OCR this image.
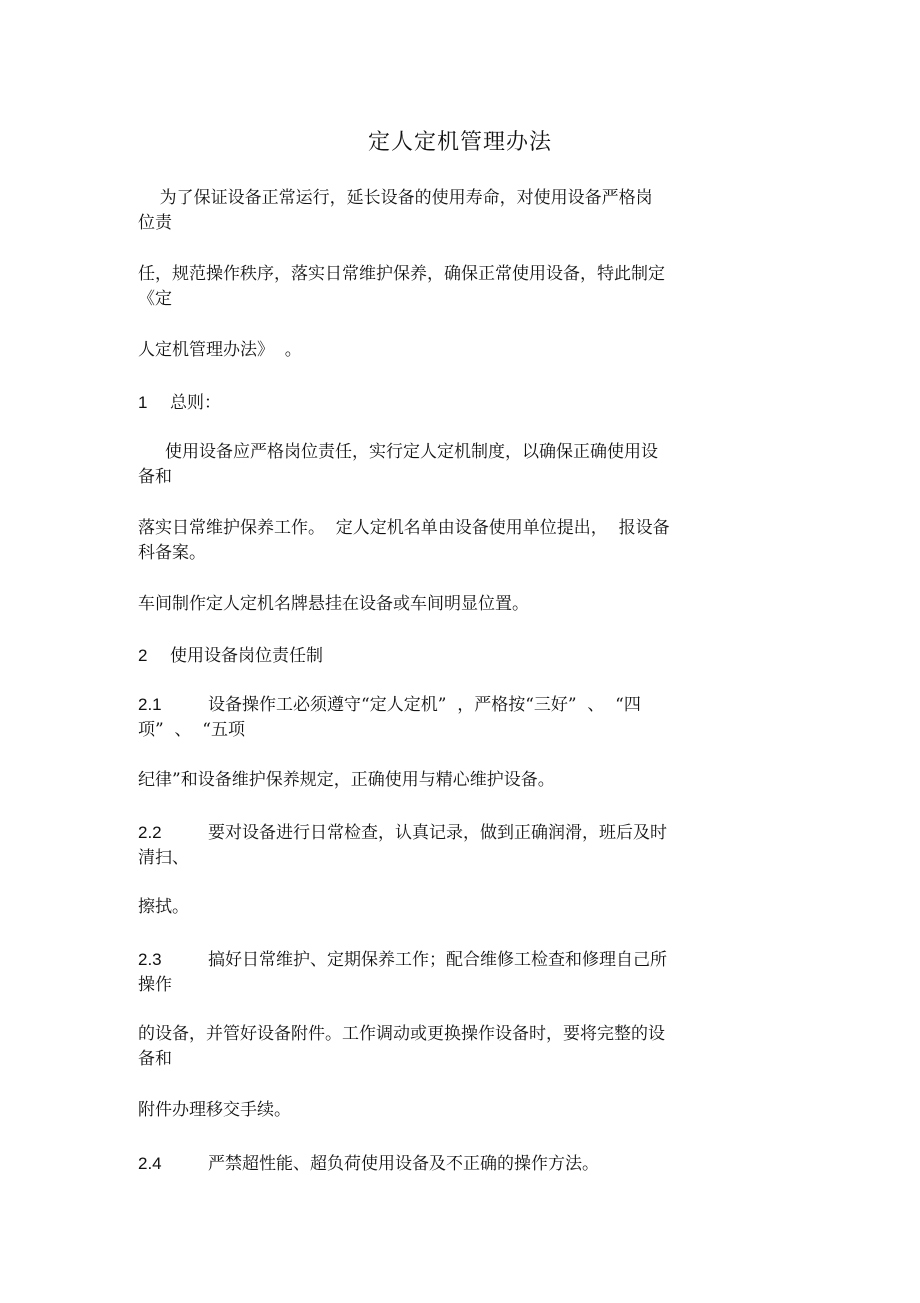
定人定机管理办法
为了保证设备正常运行，延长设备的使用寿命，对使用设备严格岗
位责
任，规范操作秩序，落实日常维护保养，确保正常使用设备，特此制定
《定
人定机管理办法》  。
1 总则：
使用设备应严格岗位责任，实行定人定机制度，以确保正确使用设
备和
落实日常维护保养工作。  定人定机名单由设备使用单位提出，  报设备
科备案。
车间制作定人定机名牌悬挂在设备或车间明显位置。
2 使用设备岗位责任制
2.1	设备操作工必须遵守“定人定机”  ，严格按“三好”  、  “四
项”  、  “五项
纪律”和设备维护保养规定，正确使用与精心维护设备。
2.2	要对设备进行日常检查，认真记录，做到正确润滑，班后及时
清扫、
擦拭。
2.3	搞好日常维护、定期保养工作；配合维修工检查和修理自己所
操作
的设备，并管好设备附件。工作调动或更换操作设备时，要将完整的设
备和
附件办理移交手续。
2.4	严禁超性能、超负荷使用设备及不正确的操作方法。
